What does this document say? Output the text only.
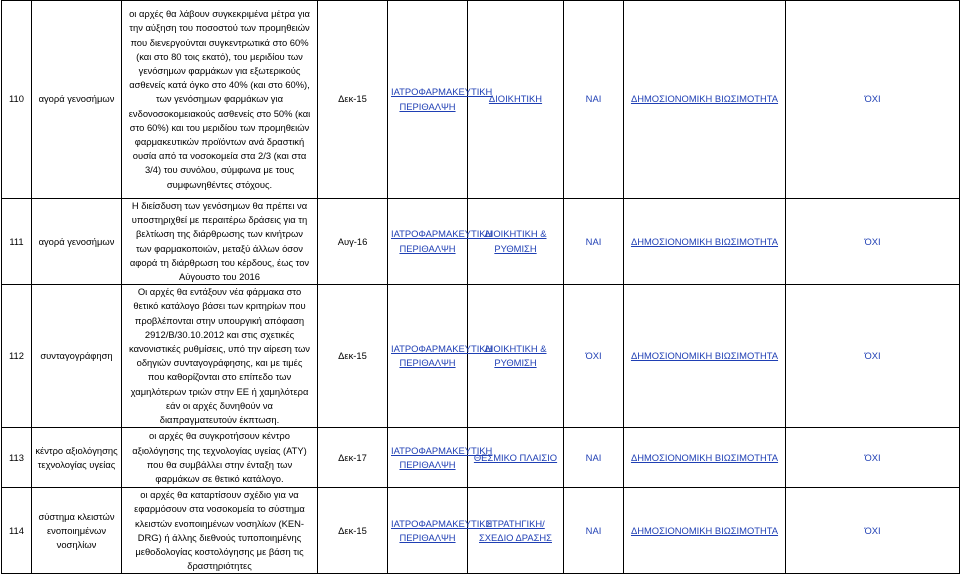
110	αγορά γενοσήμων	οι αρχές θα λάβουν συγκεκριμένα μέτρα για την αύξηση του ποσοστού των προμηθειών που διενεργούνται συγκεντρωτικά στο 60% (και στο 80 τοις εκατό), του μεριδίου των γενόσημων φαρμάκων για εξωτερικούς ασθενείς κατά όγκο στο 40% (και στο 60%), των γενόσημων φαρμάκων για ενδονοσοκομειακούς ασθενείς στο 50% (και στο 60%) και του μεριδίου των προμηθειών φαρμακευτικών προϊόντων ανά δραστική ουσία από τα νοσοκομεία στα 2/3 (και στα 3/4) του συνόλου, σύμφωνα με τους συμφωνηθέντες στόχους.	Δεκ-15	ΙΑΤΡΟΦΑΡΜΑΚΕΥΤΙΚΗ ΠΕΡΙΘΑΛΨΗ	ΔΙΟΙΚΗΤΙΚΗ	ΝΑΙ	ΔΗΜΟΣΙΟΝΟΜΙΚΗ ΒΙΩΣΙΜΟΤΗΤΑ	ΌΧΙ
111	αγορά γενοσήμων	Η διείσδυση των γενόσημων θα πρέπει να υποστηριχθεί με περαιτέρω δράσεις για τη βελτίωση της διάρθρωσης των κινήτρων των φαρμακοποιών, μεταξύ άλλων όσον αφορά τη διάρθρωση του κέρδους, έως τον Αύγουστο του 2016	Αυγ-16	ΙΑΤΡΟΦΑΡΜΑΚΕΥΤΙΚΗ ΠΕΡΙΘΑΛΨΗ	ΔΙΟΙΚΗΤΙΚΗ & ΡΥΘΜΙΣΗ	ΝΑΙ	ΔΗΜΟΣΙΟΝΟΜΙΚΗ ΒΙΩΣΙΜΟΤΗΤΑ	ΌΧΙ
112	συνταγογράφηση	Οι αρχές θα εντάξουν νέα φάρμακα στο θετικό κατάλογο βάσει των κριτηρίων που προβλέπονται στην υπουργική απόφαση 2912/Β/30.10.2012 και στις σχετικές κανονιστικές ρυθμίσεις, υπό την αίρεση των οδηγιών συνταγογράφησης, και με τιμές που καθορίζονται στο επίπεδο των χαμηλότερων τριών στην ΕΕ ή χαμηλότερα εάν οι αρχές δυνηθούν να διαπραγματευτούν έκπτωση.	Δεκ-15	ΙΑΤΡΟΦΑΡΜΑΚΕΥΤΙΚΗ ΠΕΡΙΘΑΛΨΗ	ΔΙΟΙΚΗΤΙΚΗ & ΡΥΘΜΙΣΗ	ΌΧΙ	ΔΗΜΟΣΙΟΝΟΜΙΚΗ ΒΙΩΣΙΜΟΤΗΤΑ	ΌΧΙ
113	κέντρο αξιολόγησης τεχνολογίας υγείας	οι αρχές θα συγκροτήσουν κέντρο αξιολόγησης της τεχνολογίας υγείας (ΑΤΥ) που θα συμβάλλει στην ένταξη των φαρμάκων σε θετικό κατάλογο.	Δεκ-17	ΙΑΤΡΟΦΑΡΜΑΚΕΥΤΙΚΗ ΠΕΡΙΘΑΛΨΗ	ΘΕΣΜΙΚΟ ΠΛΑΙΣΙΟ	ΝΑΙ	ΔΗΜΟΣΙΟΝΟΜΙΚΗ ΒΙΩΣΙΜΟΤΗΤΑ	ΌΧΙ
114	σύστημα κλειστών ενοποιημένων νοσηλίων	οι αρχές θα καταρτίσουν σχέδιο για να εφαρμόσουν στα νοσοκομεία το σύστημα κλειστών ενοποιημένων νοσηλίων (KEN-DRG) ή άλλης διεθνούς τυποποιημένης μεθοδολογίας κοστολόγησης με βάση τις δραστηριότητες	Δεκ-15	ΙΑΤΡΟΦΑΡΜΑΚΕΥΤΙΚΗ ΠΕΡΙΘΑΛΨΗ	ΣΤΡΑΤΗΓΙΚΗ/ΣΧΕΔΙΟ ΔΡΑΣΗΣ	ΝΑΙ	ΔΗΜΟΣΙΟΝΟΜΙΚΗ ΒΙΩΣΙΜΟΤΗΤΑ	ΌΧΙ
